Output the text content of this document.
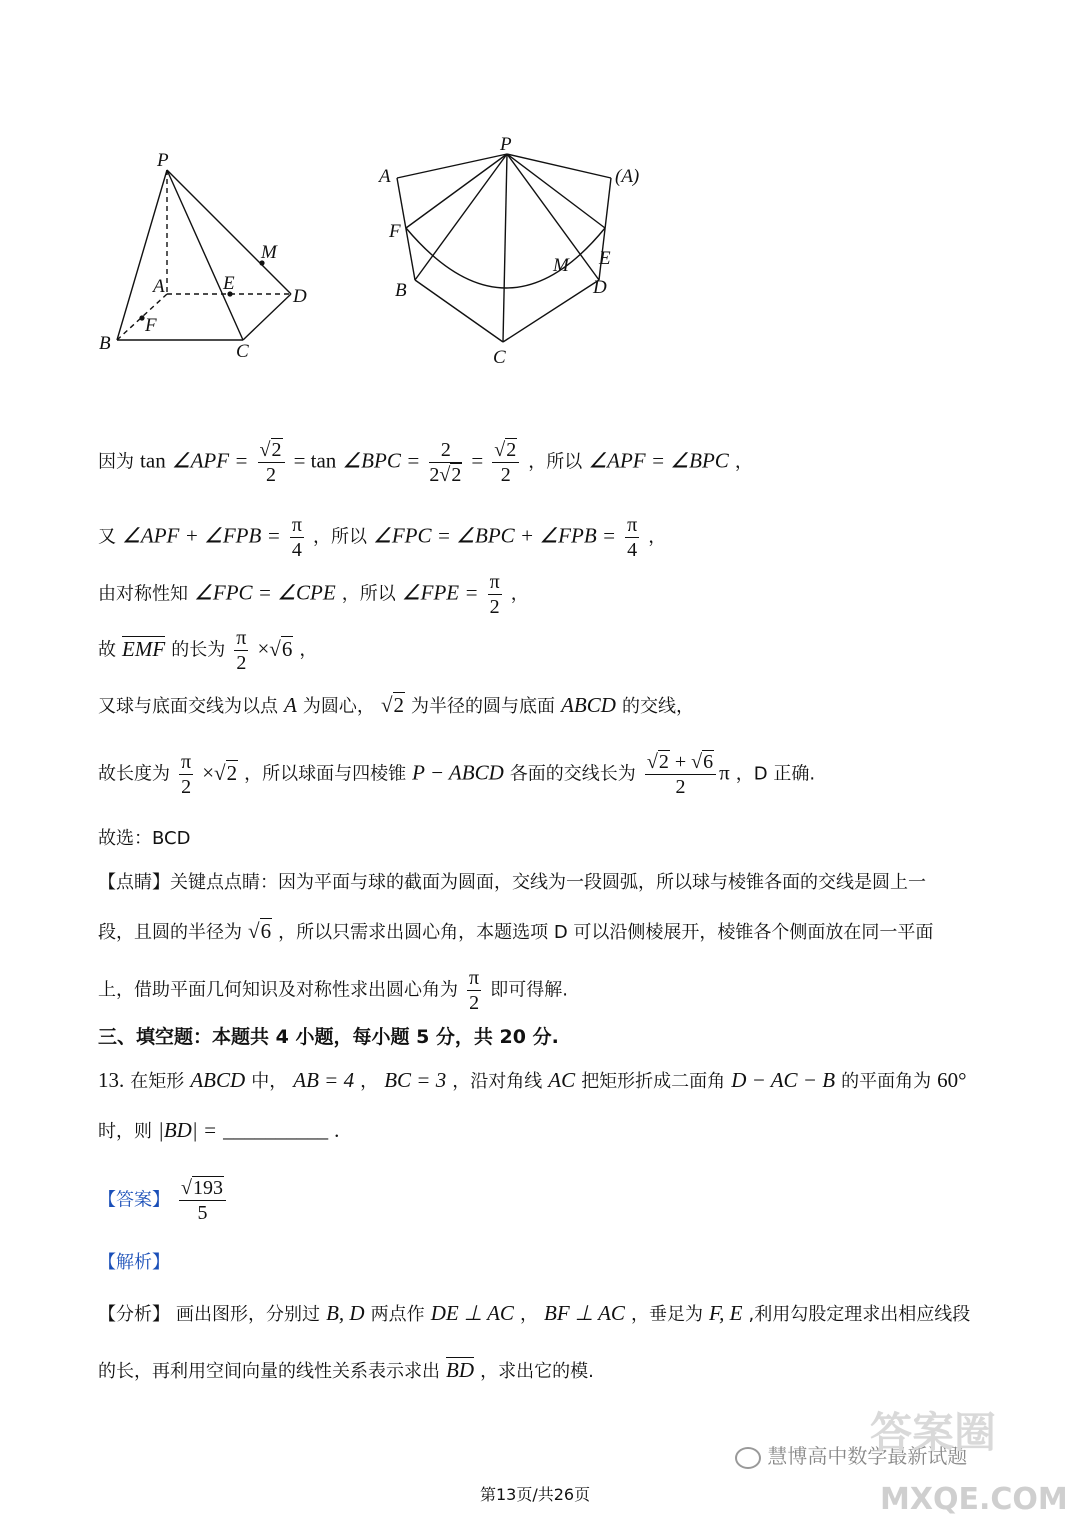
P
M
A	E
D
F
B	C
P
A	(A)
F
B
M E
D
C
因为 tan ∠APF = $\frac{√2}{2} = \tan$ ∠BPC = $\frac{2}{2√2} = \frac{√2}{2}$ ，所以 ∠APF = ∠BPC ，
又 ∠APF + ∠FPB = $\frac{\pi}{4}$ ，所以 ∠FPC = ∠BPC + ∠FPB = $\frac{\pi}{4}$ ，
由对称性知 ∠FPC = ∠CPE ，所以 ∠FPE = $\frac{\pi}{2}$ ，
故 EMF 的长为 $\frac{\pi}{2} \times√6$ ，
又球与底面交线为以点 A 为圆心， √2 为半径的圆与底面 ABCD 的交线，
故长度为 $\frac{\pi}{2} \times√2$ ，所以球面与四棱锥 P − ABCD 各面的交线长为 $\frac{√2 + √6}{2}$ π ，D 正确.
故选：BCD
【点睛】关键点点睛：因为平面与球的截面为圆面，交线为一段圆弧，所以球与棱锥各面的交线是圆上一
段，且圆的半径为 √6 ，所以只需求出圆心角，本题选项 D 可以沿侧棱展开，棱锥各个侧面放在同一平面
上，借助平面几何知识及对称性求出圆心角为 $\frac{\pi}{2}$ 即可得解.
三、填空题：本题共 4 小题，每小题 5 分，共 20 分.
13. 在矩形 ABCD 中， AB = 4 ， BC = 3 ，沿对角线 AC 把矩形折成二面角 D − AC − B 的平面角为 60°
时，则 |BD| = __________ .
【答案】 $\frac{√193}{5}$
【解析】
【分析】 画出图形，分别过 B, D 两点作 DE ⊥ AC ， BF ⊥ AC ，垂足为 F, E ,利用勾股定理求出相应线段
的长，再利用空间向量的线性关系表示求出 BD ，求出它的模.
第13页/共26页
慧博高中数学最新试题
答案圈
MXQE.COM
